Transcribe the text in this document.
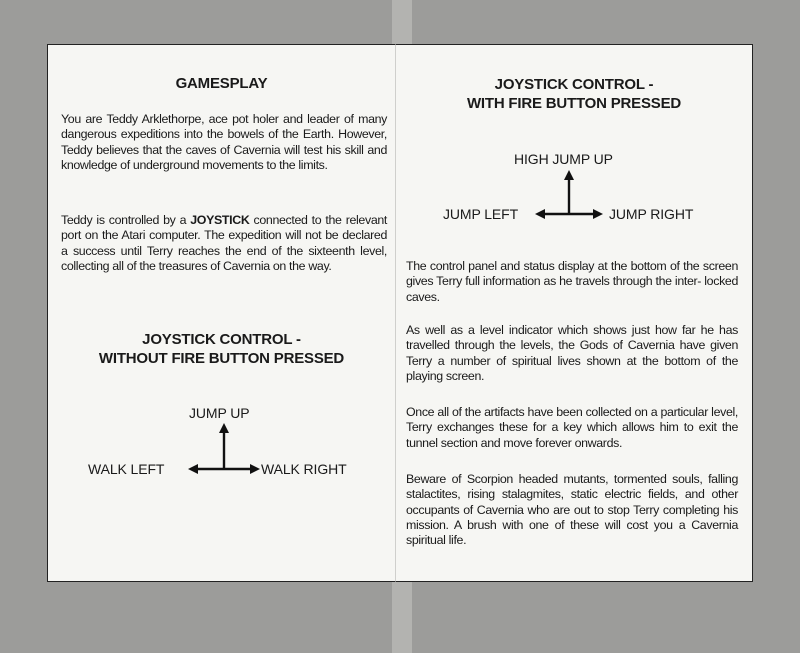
GAMESPLAY
You are Teddy Arklethorpe, ace pot holer and leader of many dangerous expeditions into the bowels of the Earth. However, Teddy believes that the caves of Cavernia will test his skill and knowledge of underground movements to the limits.
Teddy is controlled by a JOYSTICK connected to the relevant port on the Atari computer. The expedition will not be declared a success until Terry reaches the end of the sixteenth level, collecting all of the treasures of Cavernia on the way.
JOYSTICK CONTROL -
WITHOUT FIRE BUTTON PRESSED
JUMP UP
WALK LEFT	WALK RIGHT
JOYSTICK CONTROL -
WITH FIRE BUTTON PRESSED
HIGH JUMP UP
JUMP LEFT	JUMP RIGHT
The control panel and status display at the bottom of the screen gives Terry full information as he travels through the inter- locked caves.
As well as a level indicator which shows just how far he has travelled through the levels, the Gods of Cavernia have given Terry a number of spiritual lives shown at the bottom of the playing screen.
Once all of the artifacts have been collected on a particular level, Terry exchanges these for a key which allows him to exit the tunnel section and move forever onwards.
Beware of Scorpion headed mutants, tormented souls, falling stalactites, rising stalagmites, static electric fields, and other occupants of Cavernia who are out to stop Terry completing his mission. A brush with one of these will cost you a Cavernia spiritual life.
